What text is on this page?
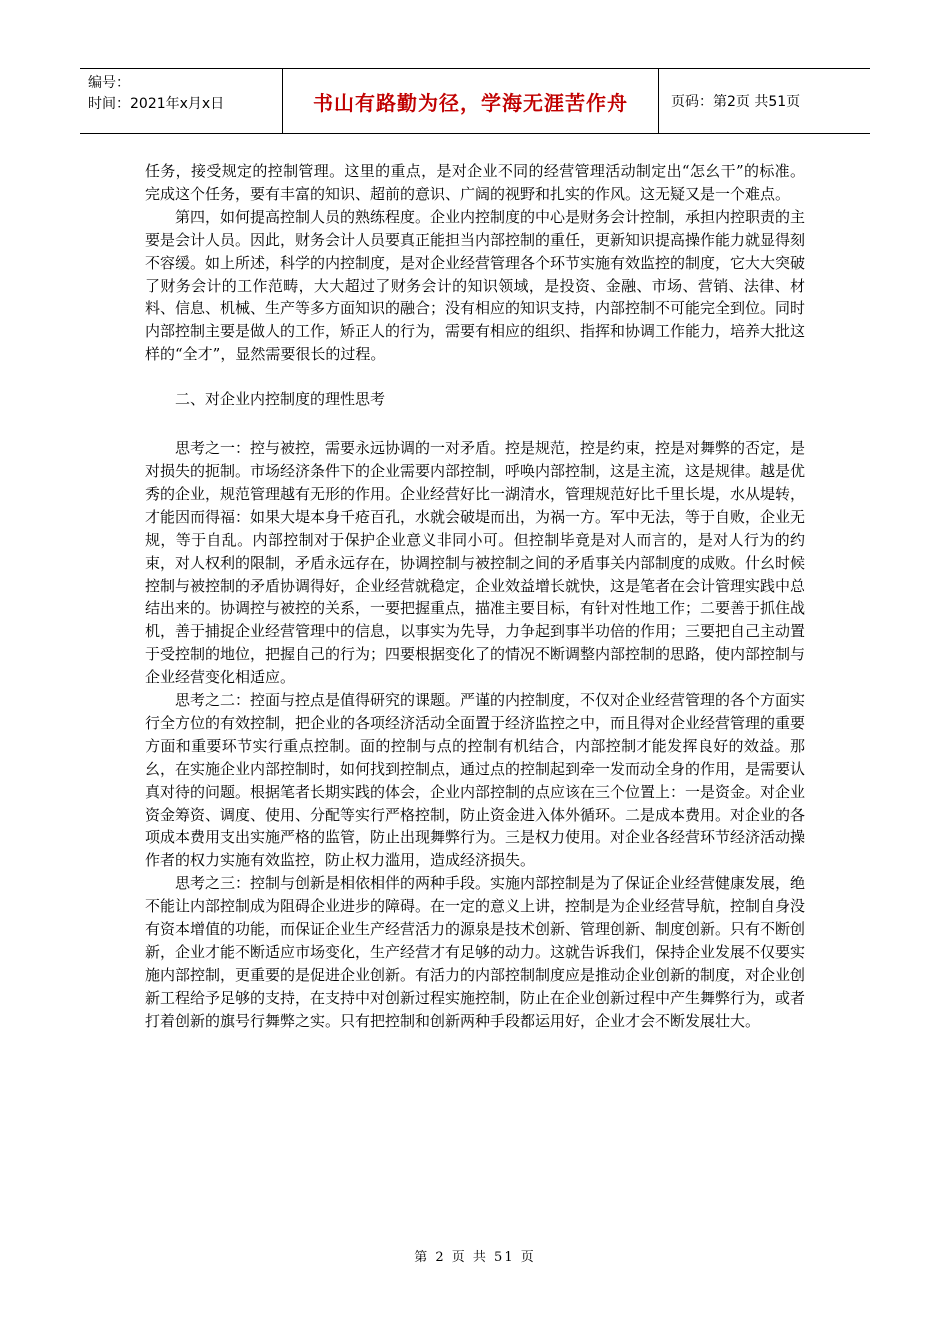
编号：
时间：2021年x月x日	书山有路勤为径，学海无涯苦作舟	页码：第2页 共51页

任务，接受规定的控制管理。这里的重点，是对企业不同的经营管理活动制定出“怎幺干”的标准。完成这个任务，要有丰富的知识、超前的意识、广阔的视野和扎实的作风。这无疑又是一个难点。

第四，如何提高控制人员的熟练程度。企业内控制度的中心是财务会计控制，承担内控职责的主要是会计人员。因此，财务会计人员要真正能担当内部控制的重任，更新知识提高操作能力就显得刻不容缓。如上所述，科学的内控制度，是对企业经营管理各个环节实施有效监控的制度，它大大突破了财务会计的工作范畴，大大超过了财务会计的知识领域，是投资、金融、市场、营销、法律、材料、信息、机械、生产等多方面知识的融合；没有相应的知识支持，内部控制不可能完全到位。同时内部控制主要是做人的工作，矫正人的行为，需要有相应的组织、指挥和协调工作能力，培养大批这样的“全才”，显然需要很长的过程。

二、对企业内控制度的理性思考

思考之一：控与被控，需要永远协调的一对矛盾。控是规范，控是约束，控是对舞弊的否定，是对损失的扼制。市场经济条件下的企业需要内部控制，呼唤内部控制，这是主流，这是规律。越是优秀的企业，规范管理越有无形的作用。企业经营好比一湖清水，管理规范好比千里长堤，水从堤转，才能因而得福：如果大堤本身千疮百孔，水就会破堤而出，为祸一方。军中无法，等于自败，企业无规，等于自乱。内部控制对于保护企业意义非同小可。但控制毕竟是对人而言的，是对人行为的约束，对人权利的限制，矛盾永远存在，协调控制与被控制之间的矛盾事关内部制度的成败。什幺时候控制与被控制的矛盾协调得好，企业经营就稳定，企业效益增长就快，这是笔者在会计管理实践中总结出来的。协调控与被控的关系，一要把握重点，描准主要目标，有针对性地工作；二要善于抓住战机，善于捕捉企业经营管理中的信息，以事实为先导，力争起到事半功倍的作用；三要把自己主动置于受控制的地位，把握自己的行为；四要根据变化了的情况不断调整内部控制的思路，使内部控制与企业经营变化相适应。

思考之二：控面与控点是值得研究的课题。严谨的内控制度，不仅对企业经营管理的各个方面实行全方位的有效控制，把企业的各项经济活动全面置于经济监控之中，而且得对企业经营管理的重要方面和重要环节实行重点控制。面的控制与点的控制有机结合，内部控制才能发挥良好的效益。那幺，在实施企业内部控制时，如何找到控制点，通过点的控制起到牵一发而动全身的作用，是需要认真对待的问题。根据笔者长期实践的体会，企业内部控制的点应该在三个位置上：一是资金。对企业资金筹资、调度、使用、分配等实行严格控制，防止资金进入体外循环。二是成本费用。对企业的各项成本费用支出实施严格的监管，防止出现舞弊行为。三是权力使用。对企业各经营环节经济活动操作者的权力实施有效监控，防止权力滥用，造成经济损失。

思考之三：控制与创新是相依相伴的两种手段。实施内部控制是为了保证企业经营健康发展，绝不能让内部控制成为阻碍企业进步的障碍。在一定的意义上讲，控制是为企业经营导航，控制自身没有资本增值的功能，而保证企业生产经营活力的源泉是技术创新、管理创新、制度创新。只有不断创新，企业才能不断适应市场变化，生产经营才有足够的动力。这就告诉我们，保持企业发展不仅要实施内部控制，更重要的是促进企业创新。有活力的内部控制制度应是推动企业创新的制度，对企业创新工程给予足够的支持，在支持中对创新过程实施控制，防止在企业创新过程中产生舞弊行为，或者打着创新的旗号行舞弊之实。只有把控制和创新两种手段都运用好，企业才会不断发展壮大。

第 2 页 共 51 页
